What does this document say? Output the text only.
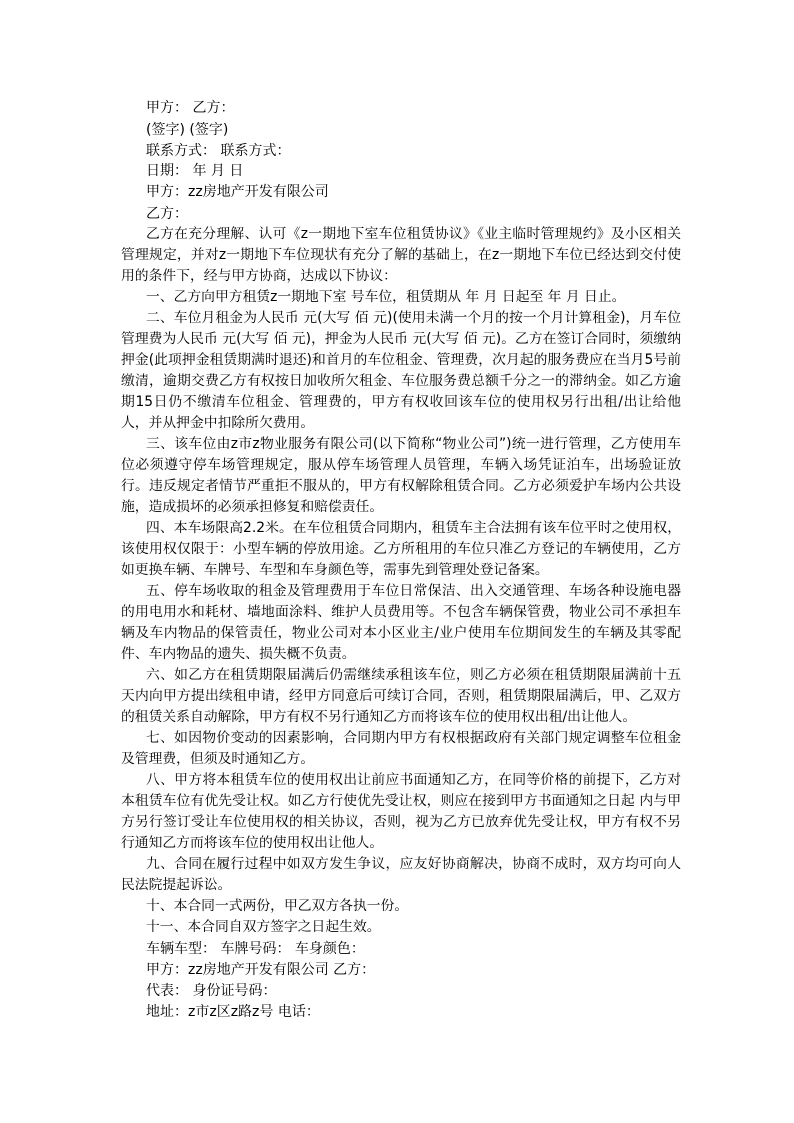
甲方： 乙方：
(签字) (签字)
联系方式： 联系方式：
日期： 年 月 日
甲方：zz房地产开发有限公司
乙方：
乙方在充分理解、认可《z一期地下室车位租赁协议》《业主临时管理规约》及小区相关管理规定，并对z一期地下车位现状有充分了解的基础上，在z一期地下车位已经达到交付使用的条件下，经与甲方协商，达成以下协议：
一、乙方向甲方租赁z一期地下室 号车位，租赁期从 年 月 日起至 年 月 日止。
二、车位月租金为人民币 元(大写 佰 元)(使用未满一个月的按一个月计算租金)，月车位管理费为人民币 元(大写 佰 元)，押金为人民币 元(大写 佰 元)。乙方在签订合同时，须缴纳押金(此项押金租赁期满时退还)和首月的车位租金、管理费，次月起的服务费应在当月5号前缴清，逾期交费乙方有权按日加收所欠租金、车位服务费总额千分之一的滞纳金。如乙方逾期15日仍不缴清车位租金、管理费的，甲方有权收回该车位的使用权另行出租/出让给他人，并从押金中扣除所欠费用。
三、该车位由z市z物业服务有限公司(以下简称“物业公司”)统一进行管理，乙方使用车位必须遵守停车场管理规定，服从停车场管理人员管理，车辆入场凭证泊车，出场验证放行。违反规定者情节严重拒不服从的，甲方有权解除租赁合同。乙方必须爱护车场内公共设施，造成损坏的必须承担修复和赔偿责任。
四、本车场限高2.2米。在车位租赁合同期内，租赁车主合法拥有该车位平时之使用权，该使用权仅限于：小型车辆的停放用途。乙方所租用的车位只准乙方登记的车辆使用，乙方如更换车辆、车牌号、车型和车身颜色等，需事先到管理处登记备案。
五、停车场收取的租金及管理费用于车位日常保洁、出入交通管理、车场各种设施电器的用电用水和耗材、墙地面涂料、维护人员费用等。不包含车辆保管费，物业公司不承担车辆及车内物品的保管责任，物业公司对本小区业主/业户使用车位期间发生的车辆及其零配件、车内物品的遗失、损失概不负责。
六、如乙方在租赁期限届满后仍需继续承租该车位，则乙方必须在租赁期限届满前十五天内向甲方提出续租申请，经甲方同意后可续订合同，否则，租赁期限届满后，甲、乙双方的租赁关系自动解除，甲方有权不另行通知乙方而将该车位的使用权出租/出让他人。
七、如因物价变动的因素影响，合同期内甲方有权根据政府有关部门规定调整车位租金及管理费，但须及时通知乙方。
八、甲方将本租赁车位的使用权出让前应书面通知乙方，在同等价格的前提下，乙方对本租赁车位有优先受让权。如乙方行使优先受让权，则应在接到甲方书面通知之日起 内与甲方另行签订受让车位使用权的相关协议，否则，视为乙方已放弃优先受让权，甲方有权不另行通知乙方而将该车位的使用权出让他人。
九、合同在履行过程中如双方发生争议，应友好协商解决，协商不成时，双方均可向人民法院提起诉讼。
十、本合同一式两份，甲乙双方各执一份。
十一、本合同自双方签字之日起生效。
车辆车型： 车牌号码： 车身颜色：
甲方：zz房地产开发有限公司 乙方：
代表： 身份证号码：
地址：z市z区z路z号 电话：
